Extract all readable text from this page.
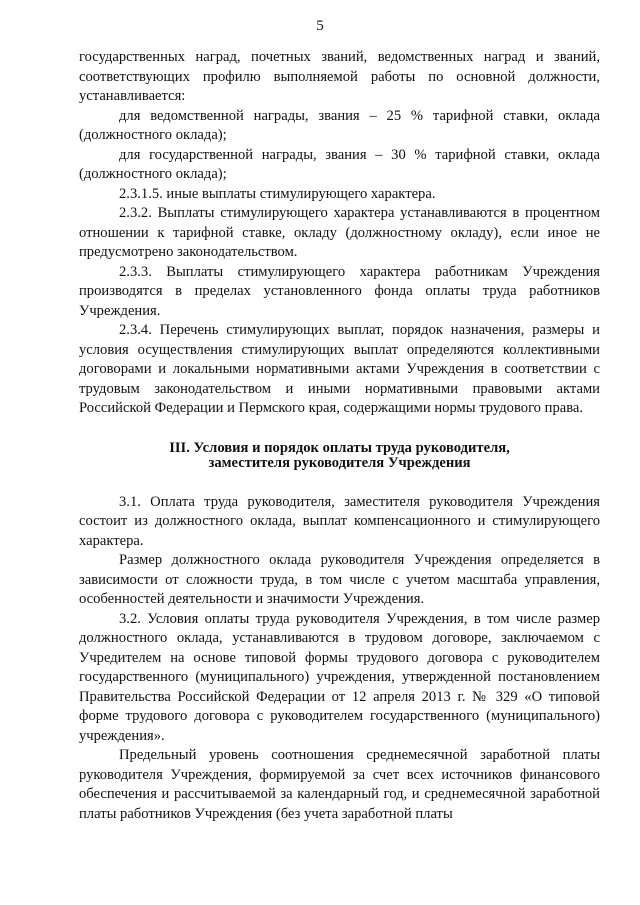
5

государственных наград, почетных званий, ведомственных наград и званий, соответствующих профилю выполняемой работы по основной должности, устанавливается:

для ведомственной награды, звания – 25 % тарифной ставки, оклада (должностного оклада);

для государственной награды, звания – 30 % тарифной ставки, оклада (должностного оклада);

2.3.1.5. иные выплаты стимулирующего характера.

2.3.2. Выплаты стимулирующего характера устанавливаются в процентном отношении к тарифной ставке, окладу (должностному окладу), если иное не предусмотрено законодательством.

2.3.3. Выплаты стимулирующего характера работникам Учреждения производятся в пределах установленного фонда оплаты труда работников Учреждения.

2.3.4. Перечень стимулирующих выплат, порядок назначения, размеры и условия осуществления стимулирующих выплат определяются коллективными договорами и локальными нормативными актами Учреждения в соответствии с трудовым законодательством и иными нормативными правовыми актами Российской Федерации и Пермского края, содержащими нормы трудового права.

III. Условия и порядок оплаты труда руководителя,
заместителя руководителя Учреждения

3.1. Оплата труда руководителя, заместителя руководителя Учреждения состоит из должностного оклада, выплат компенсационного и стимулирующего характера.

Размер должностного оклада руководителя Учреждения определяется в зависимости от сложности труда, в том числе с учетом масштаба управления, особенностей деятельности и значимости Учреждения.

3.2. Условия оплаты труда руководителя Учреждения, в том числе размер должностного оклада, устанавливаются в трудовом договоре, заключаемом с Учредителем на основе типовой формы трудового договора с руководителем государственного (муниципального) учреждения, утвержденной постановлением Правительства Российской Федерации от 12 апреля 2013 г. № 329 «О типовой форме трудового договора с руководителем государственного (муниципального) учреждения».

Предельный уровень соотношения среднемесячной заработной платы руководителя Учреждения, формируемой за счет всех источников финансового обеспечения и рассчитываемой за календарный год, и среднемесячной заработной платы работников Учреждения (без учета заработной платы
